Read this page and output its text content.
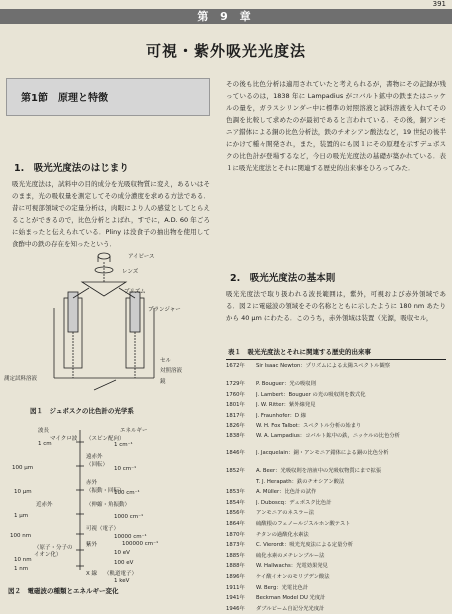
391
第 9 章
可視・紫外吸光光度法
第1節　原理と特徴
1.　吸光光度法のはじまり
吸光光度法は，試料中の目的成分を光吸収物質に変え，あるいはそのまま，光の吸収量を測定してその成分濃度を求める方法である．昔に可視部領域での定量分析は，肉眼により人の感覚としてとらえることができるので，比色分析とよばれ，すでに，A.D. 60 年ごろに始まったと伝えられている．Pliny は没食子の抽出物を使用して食酢中の鉄の存在を知ったという．
アイピース
レンズ
プリズム
プランジャー
セル
対照溶液
測定試料溶液	鏡
図１　ジュボスクの比色計の光学系
波長	エネルギー
マイクロ波 （スピン配向）
1 cm	1 cm⁻¹
遠赤外
（回転）
100 μm	10 cm⁻¹
赤外
（振動・回転）
10 μm	100 cm⁻¹
近赤外	（伸縮・角振動）
1 μm	1000 cm⁻¹
可視（電子）
100 nm	10000 cm⁻¹
紫外
（原子・分子の
イオン化）
100000 cm⁻¹
10 nm
10 eV
100 eV
X 線 （軌道電子）
1 nm
1 keV
図２　電磁波の種類とエネルギー変化
その後も比色分析は適用されていたと考えられるが，書物にその記録が残っているのは，1838 年に Lampadius がコバルト鉱中の鉄またはニッケルの量を，ガラスシリンダー中に標準の対照溶液と試料溶液を入れてその色調を比較して求めたのが最初であると言われている．その後，銅アンモニア錯体による銅の比色分析法，鉄のチオシアン酸法など，19 世紀の後半にかけて種々開発され，また，装置的にも図１にその原理を示すデュボスクの比色計が登場するなど，今日の吸光光度法の基礎が築かれている．表１に吸光光度法とそれに関連する歴史的出来事をひろってみた．
2.　吸光光度法の基本則
吸光光度法で取り扱われる波長範囲は，紫外，可視および赤外領域である．図２に電磁波の領域をその名称とともに示したように 180 nm あたりから 40 μm にわたる．このうち，赤外領域は装置（光源，吸収セル，
表１　吸光光度法とそれに関連する歴史的出来事
1672年	Sir Isaac Newton：プリズムによる太陽スペクトル観察
1729年	P. Bouguer：光の吸収則
1760年	J. Lambert：Bouguer の光の吸収則を数式化
1801年	J. W. Ritter：紫外線発見
1817年	J. Fraunhofer：D 線
1826年	W. H. Fox Talbot：スペクトル分析の始まり
1838年	W. A. Lampadius：コバルト鉱中の鉄，ニッケルの比色分析
1846年	J. Jacquelain：銅・アンモニア錯体による銅の比色分析
1852年	A. Beer：光吸収則を溶液中の光吸収物質にまで拡張
T. J. Herapath：鉄のチオシアン酸法
1853年	A. Müller：比色計の試作
1854年	J. Duboscq：デュボスク比色計
1856年	アンモニアのネスラー法
1864年	硫酸根のフェノールジスルホン酸テスト
1870年	チタンの過酸化水素法
1873年	C. Vierordt：吸光光度法による定量分析
1885年	硫化水素のメチレンブルー法
1888年	W. Hallwachs：光電効果発見
1896年	ケイ酸イオンのモリブデン酸法
1911年	W. Berg：光電比色計
1941年	Beckman Model DU 光度計
1946年	ダブルビーム自記分光光度計
